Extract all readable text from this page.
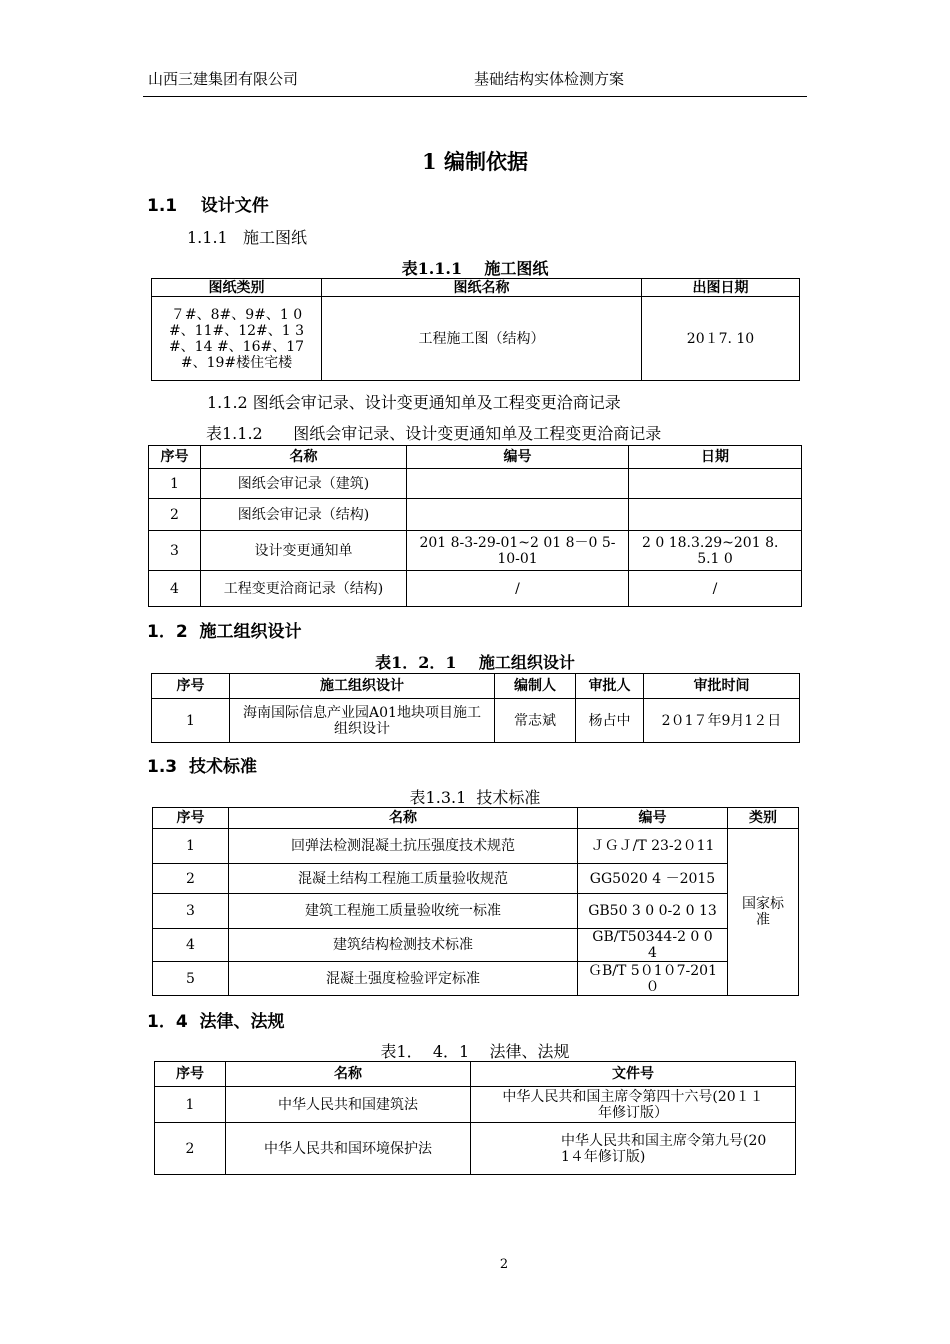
山西三建集团有限公司	基础结构实体检测方案
1 编制依据
1.1    设计文件
1.1.1   施工图纸
表1.1.1    施工图纸
图纸类别	图纸名称	出图日期
７#、8#、9#、1 0#、11#、12#、1 3#、14 #、16#、17#、19#楼住宅楼	工程施工图（结构）	20１7. 10
1.1.2 图纸会审记录、设计变更通知单及工程变更洽商记录
表1.1.2      图纸会审记录、设计变更通知单及工程变更洽商记录
序号	名称	编号	日期
1	图纸会审记录（建筑)		
2	图纸会审记录（结构)		
3	设计变更通知单	201 8-3-29-01~2 01 8－0 5-10-01	2 0 18.3.29~201 8． 5.1 0
4	工程变更洽商记录（结构)	/	/
1．2  施工组织设计
表1．2．1    施工组织设计
序号	施工组织设计	编制人	审批人	审批时间
1	海南国际信息产业园A01地块项目施工组织设计	常志斌	杨占中	2０1７年9月1２日
1.3  技术标准
表1.3.1  技术标准
序号	名称	编号	类别
1	回弹法检测混凝土抗压强度技术规范	ＪＧＪ/T 23-2０11	国家标准
2	混凝土结构工程施工质量验收规范	GG5020 4 －2015	
3	建筑工程施工质量验收统一标准	GB50 3 0 0-2 0 13	
4	建筑结构检测技术标准	GB/T50344-2 0 04	
5	混凝土强度检验评定标准	ＧB/T 5０1０7-201０	
1．4  法律、法规
表1．  4．1    法律、法规
序号	名称	文件号
1	中华人民共和国建筑法	中华人民共和国主席令第四十六号(20１１年修订版）
2	中华人民共和国环境保护法	中华人民共和国主席令第九号(201４年修订版)
2
